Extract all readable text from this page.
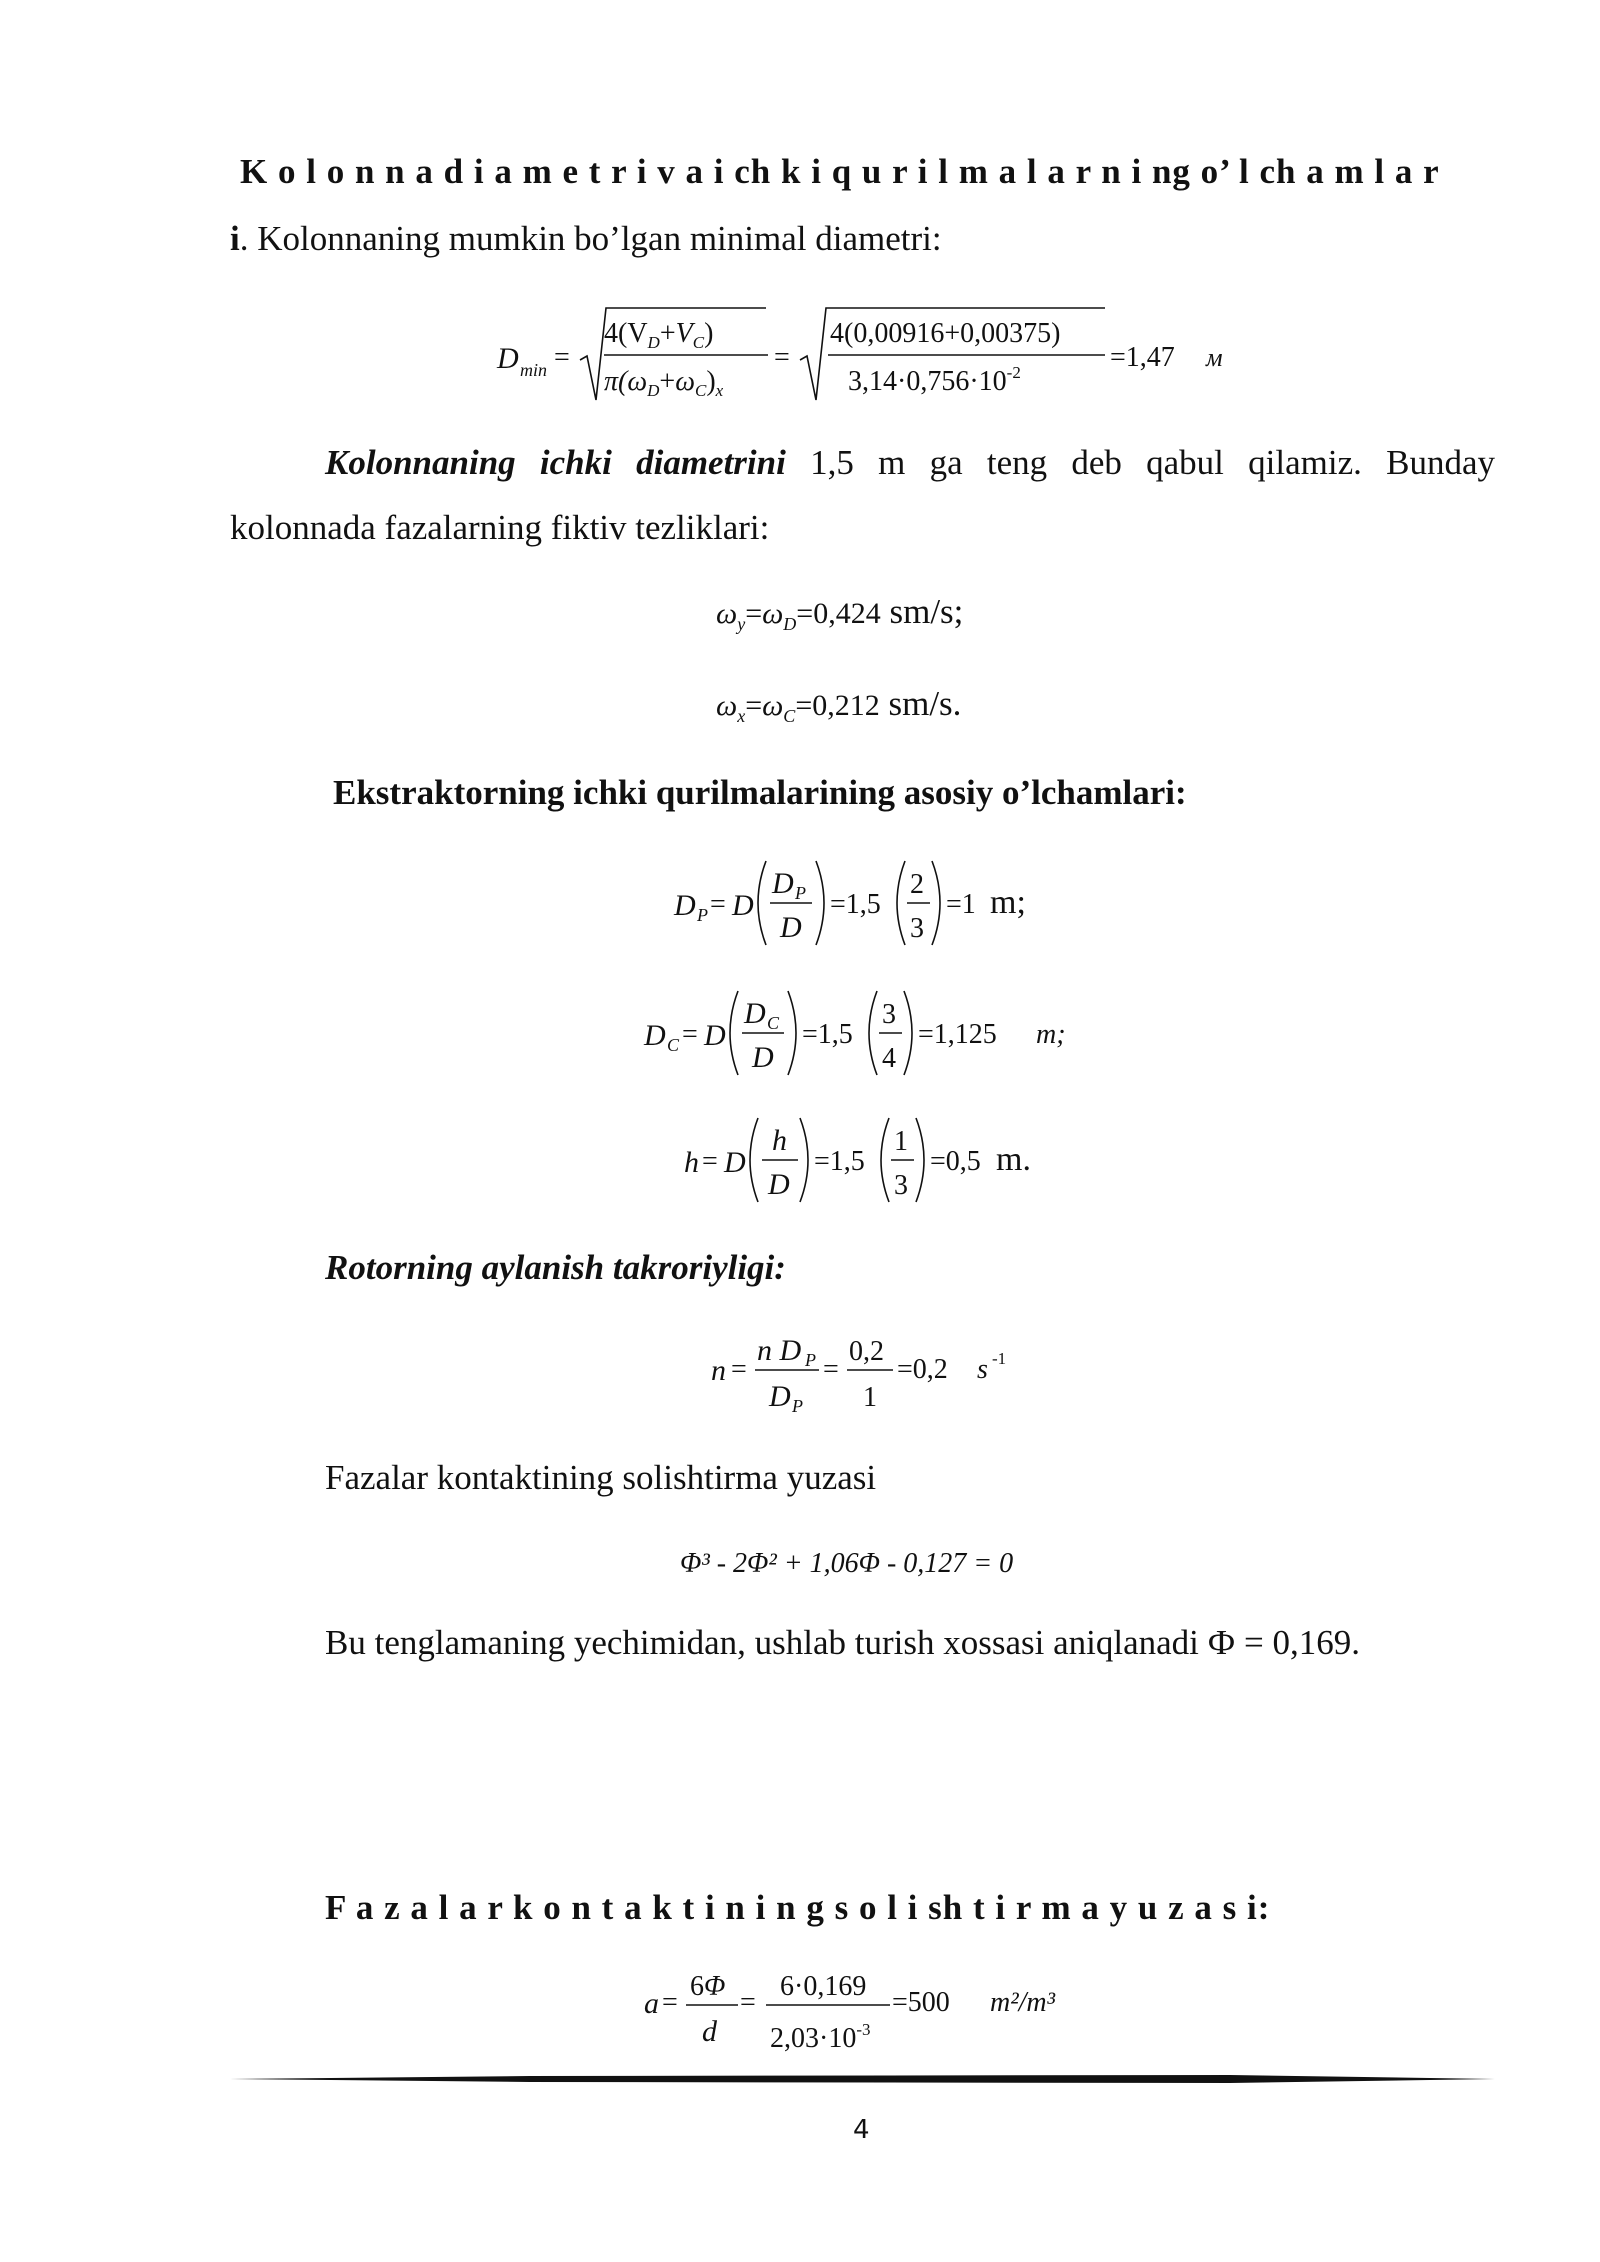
K o l o n n a d i a m e t r i v a i ch k i q u r i l m a l a r n i ng o’ l ch a m l a r
i. Kolonnaning mumkin bo’lgan minimal diametri:
D min =
$4(V_D+V_C)$
$\pi(\omega_D+\omega_C)_x$
=
4(0,00916+0,00375)
$3,14\cdot 0,756\cdot 10^{-2}$	=1,47 м
Kolonnaning ichki diametrini 1,5 m ga teng deb qabul qilamiz. Bunday
kolonnada fazalarning fiktiv tezliklari:
$\omega_y=\omega_D=0,424$ sm/s;
$\omega_x=\omega_C=0,212$ sm/s.
Ekstraktorning ichki qurilmalarining asosiy o’lchamlari:
D P = D
D P
D
=1,5
2
3
=1 m;
D C = D
D C
D
=1,5
3
4
=1,125 m;
h = D
h
D
=1,5
1
3
=0,5 m.
Rotorning aylanish takroriyligi:
n =
n D P
D P
=
0,2
1
=0,2 s -1
Fazalar kontaktining solishtirma yuzasi
Φ³ - 2Φ² + 1,06Φ - 0,127 = 0
Bu tenglamaning yechimidan, ushlab turish xossasi aniqlanadi Ф = 0,169.
F a z a l a r k o n t a k t i n i n g s o l i sh t i r m a y u z a s i:
a =
6Φ
d
=
6·0,169
$2,03\cdot 10^{-3}$
=500 m²/m³
4
